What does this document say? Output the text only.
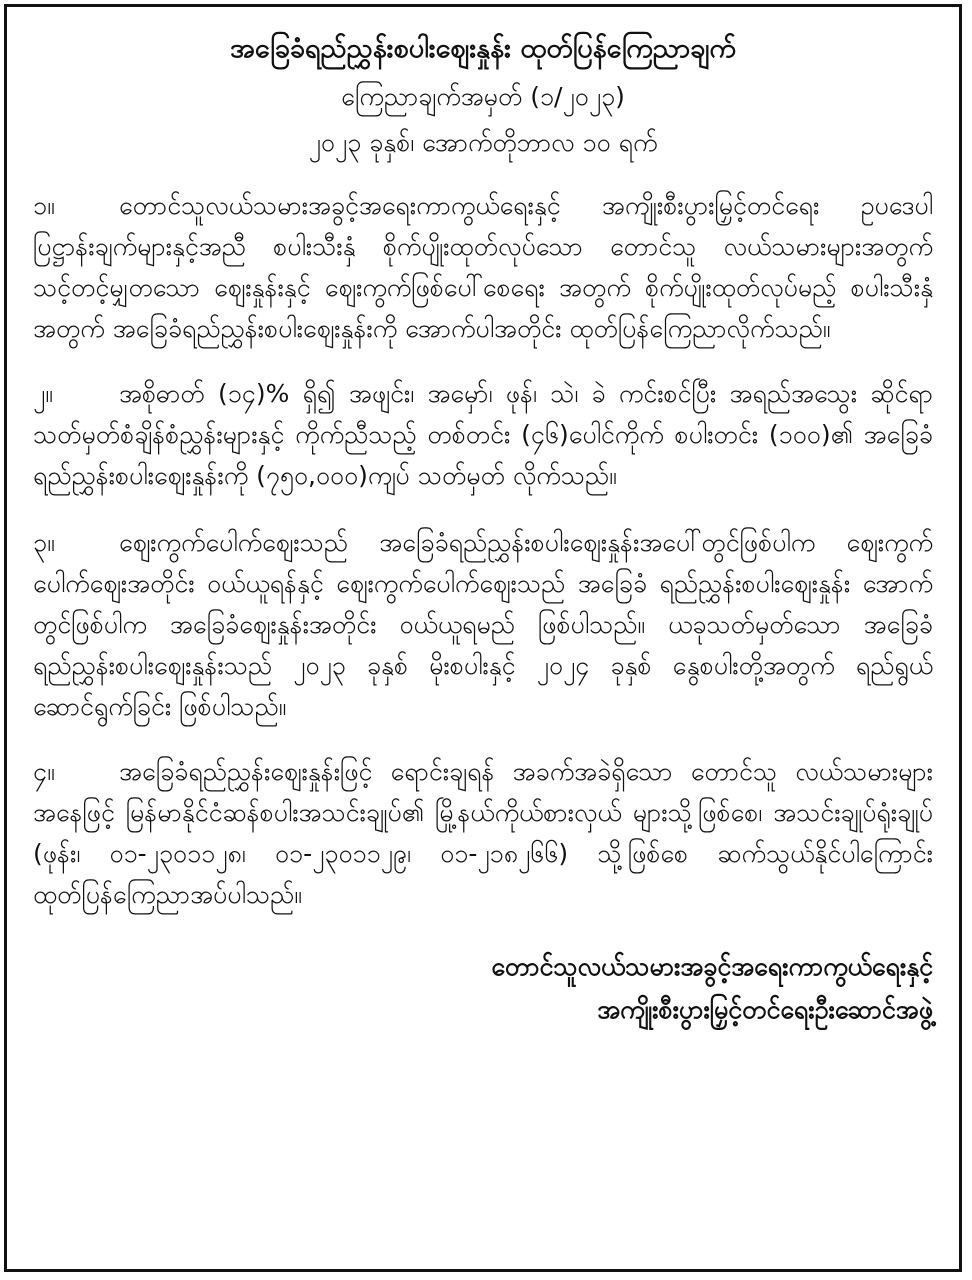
အခြေခံရည်ညွှန်းစပါးဈေးနှုန်း ထုတ်ပြန်ကြေညာချက်

ကြေညာချက်အမှတ် (၁/၂၀၂၃)

၂၀၂၃ ခုနှစ်၊ အောက်တိုဘာလ ၁၀ ရက်

၁။	တောင်သူလယ်သမားအခွင့်အရေးကာကွယ်ရေးနှင့် အကျိုးစီးပွားမြှင့်တင်ရေး ဥပဒေပါ ပြဋ္ဌာန်းချက်များနှင့်အညီ စပါးသီးနှံ စိုက်ပျိုးထုတ်လုပ်သော တောင်သူ လယ်သမားများအတွက် သင့်တင့်မျှတသော ဈေးနှုန်းနှင့် ဈေးကွက်ဖြစ်ပေါ်စေရေး အတွက် စိုက်ပျိုးထုတ်လုပ်မည့် စပါးသီးနှံအတွက် အခြေခံရည်ညွှန်းစပါးဈေးနှုန်းကို အောက်ပါအတိုင်း ထုတ်ပြန်ကြေညာလိုက်သည်။

၂။	အစိုဓာတ် (၁၄)% ရှိ၍ အဖျင်း၊ အမှော်၊ ဖုန်၊ သဲ၊ ခဲ ကင်းစင်ပြီး အရည်အသွေး ဆိုင်ရာ သတ်မှတ်စံချိန်စံညွှန်းများနှင့် ကိုက်ညီသည့် တစ်တင်း (၄၆)ပေါင်ကိုက် စပါးတင်း (၁၀၀)၏ အခြေခံရည်ညွှန်းစပါးဈေးနှုန်းကို (၇၅၀,၀၀၀)ကျပ် သတ်မှတ် လိုက်သည်။

၃။	ဈေးကွက်ပေါက်ဈေးသည် အခြေခံရည်ညွှန်းစပါးဈေးနှုန်းအပေါ်တွင်ဖြစ်ပါက ဈေးကွက်ပေါက်ဈေးအတိုင်း ဝယ်ယူရန်နှင့် ဈေးကွက်ပေါက်ဈေးသည် အခြေခံ ရည်ညွှန်းစပါးဈေးနှုန်း အောက်တွင်ဖြစ်ပါက အခြေခံဈေးနှုန်းအတိုင်း ဝယ်ယူရမည် ဖြစ်ပါသည်။ ယခုသတ်မှတ်သော အခြေခံရည်ညွှန်းစပါးဈေးနှုန်းသည် ၂၀၂၃ ခုနှစ် မိုးစပါးနှင့် ၂၀၂၄ ခုနှစ် နွေစပါးတို့အတွက် ရည်ရွယ်ဆောင်ရွက်ခြင်း ဖြစ်ပါသည်။

၄။	အခြေခံရည်ညွှန်းဈေးနှုန်းဖြင့် ရောင်းချရန် အခက်အခဲရှိသော တောင်သူ လယ်သမားများအနေဖြင့် မြန်မာနိုင်ငံဆန်စပါးအသင်းချုပ်၏ မြို့နယ်ကိုယ်စားလှယ် များသို့ဖြစ်စေ၊ အသင်းချုပ်ရုံးချုပ် (ဖုန်း၊ ၀၁-၂၃၀၁၁၂၈၊ ၀၁-၂၃၀၁၁၂၉၊ ၀၁-၂၁၈၂၆၆) သို့ဖြစ်စေ ဆက်သွယ်နိုင်ပါကြောင်း ထုတ်ပြန်ကြေညာအပ်ပါသည်။

တောင်သူလယ်သမားအခွင့်အရေးကာကွယ်ရေးနှင့်
အကျိုးစီးပွားမြှင့်တင်ရေးဦးဆောင်အဖွဲ့
